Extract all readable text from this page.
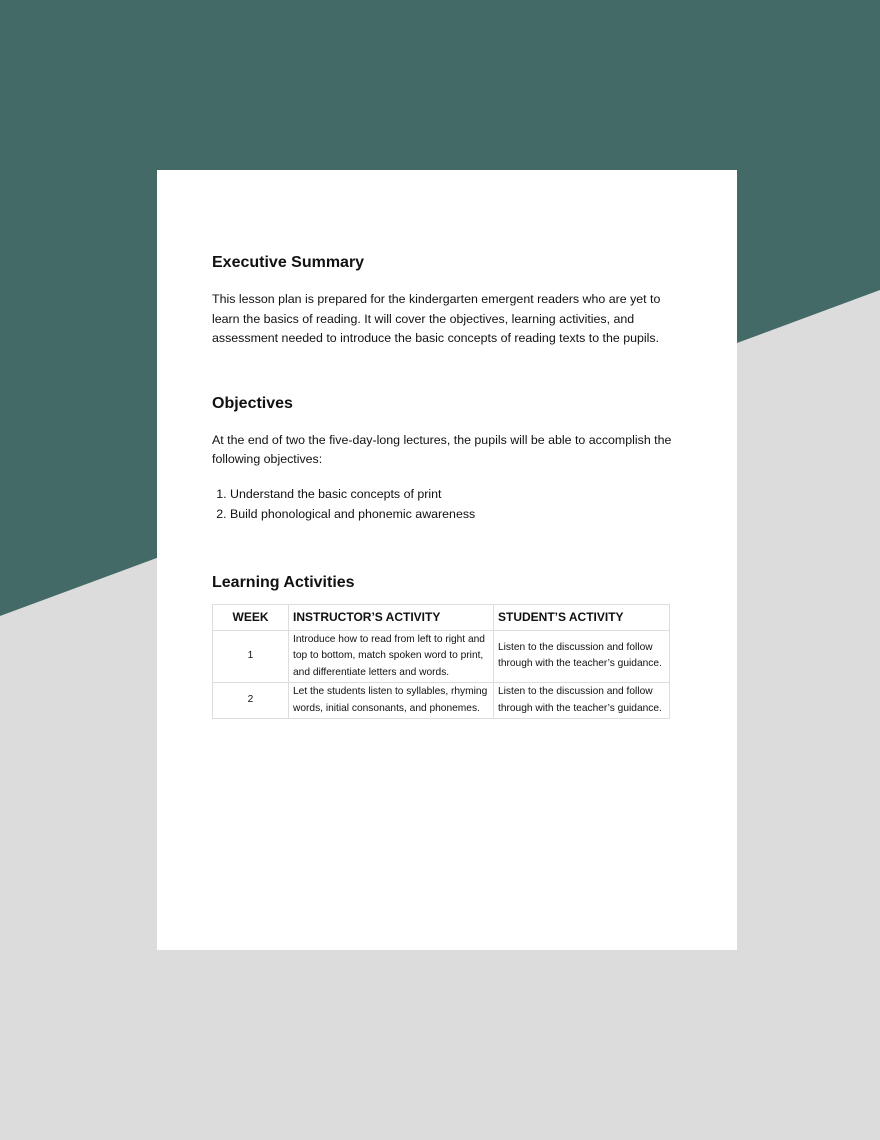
Executive Summary

This lesson plan is prepared for the kindergarten emergent readers who are yet to learn the basics of reading. It will cover the objectives, learning activities, and assessment needed to introduce the basic concepts of reading texts to the pupils.

Objectives

At the end of two the five-day-long lectures, the pupils will be able to accomplish the following objectives:

1. Understand the basic concepts of print
2. Build phonological and phonemic awareness
Learning Activities
WEEK	INSTRUCTOR’S ACTIVITY	STUDENT’S ACTIVITY
1	Introduce how to read from left to right and top to bottom, match spoken word to print, and differentiate letters and words.	Listen to the discussion and follow through with the teacher’s guidance.
2	Let the students listen to syllables, rhyming words, initial consonants, and phonemes.	Listen to the discussion and follow through with the teacher’s guidance.
